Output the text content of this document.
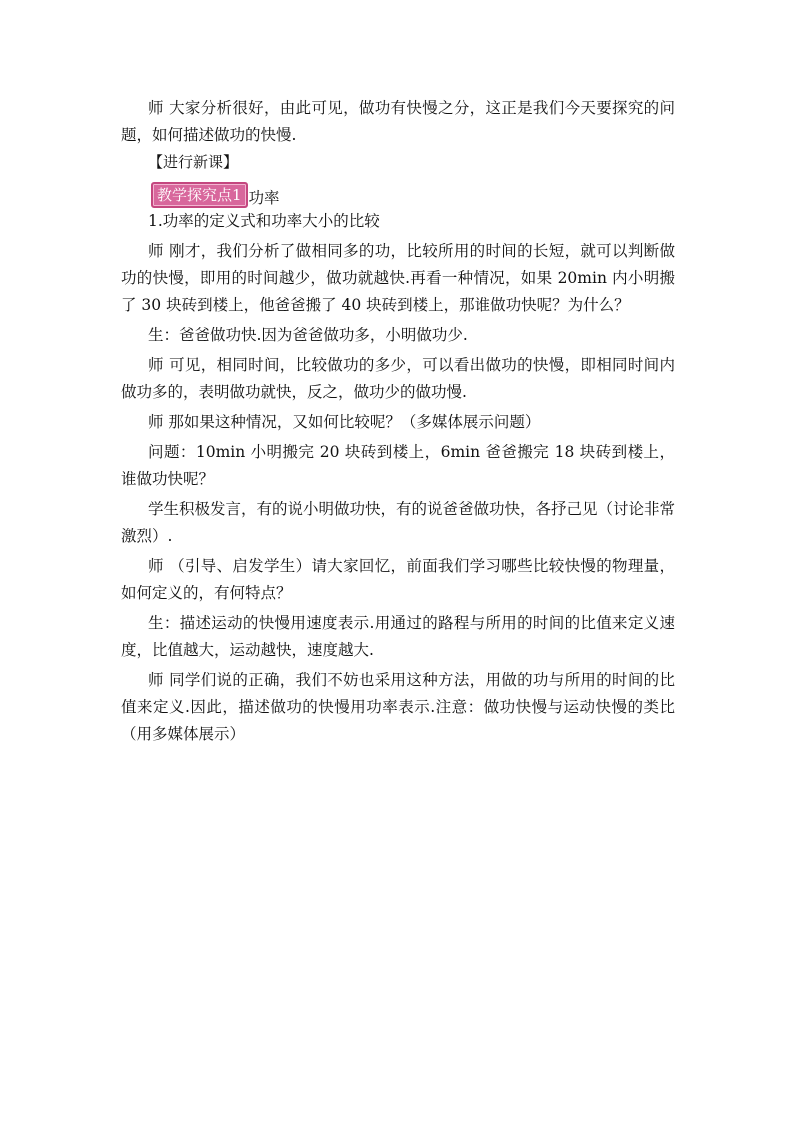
师 大家分析很好，由此可见，做功有快慢之分，这正是我们今天要探究的问题，如何描述做功的快慢.

【进行新课】
教学探究点1 功率
1.功率的定义式和功率大小的比较

师 刚才，我们分析了做相同多的功，比较所用的时间的长短，就可以判断做功的快慢，即用的时间越少，做功就越快.再看一种情况，如果 20min 内小明搬了 30 块砖到楼上，他爸爸搬了 40 块砖到楼上，那谁做功快呢？为什么？

生：爸爸做功快.因为爸爸做功多，小明做功少.

师 可见，相同时间，比较做功的多少，可以看出做功的快慢，即相同时间内做功多的，表明做功就快，反之，做功少的做功慢.

师 那如果这种情况，又如何比较呢？（多媒体展示问题）

问题：10min 小明搬完 20 块砖到楼上，6min 爸爸搬完 18 块砖到楼上，谁做功快呢？

学生积极发言，有的说小明做功快，有的说爸爸做功快，各抒己见（讨论非常激烈）.

师 （引导、启发学生）请大家回忆，前面我们学习哪些比较快慢的物理量，如何定义的，有何特点？

生：描述运动的快慢用速度表示.用通过的路程与所用的时间的比值来定义速度，比值越大，运动越快，速度越大.

师 同学们说的正确，我们不妨也采用这种方法，用做的功与所用的时间的比值来定义.因此，描述做功的快慢用功率表示.注意：做功快慢与运动快慢的类比（用多媒体展示）
